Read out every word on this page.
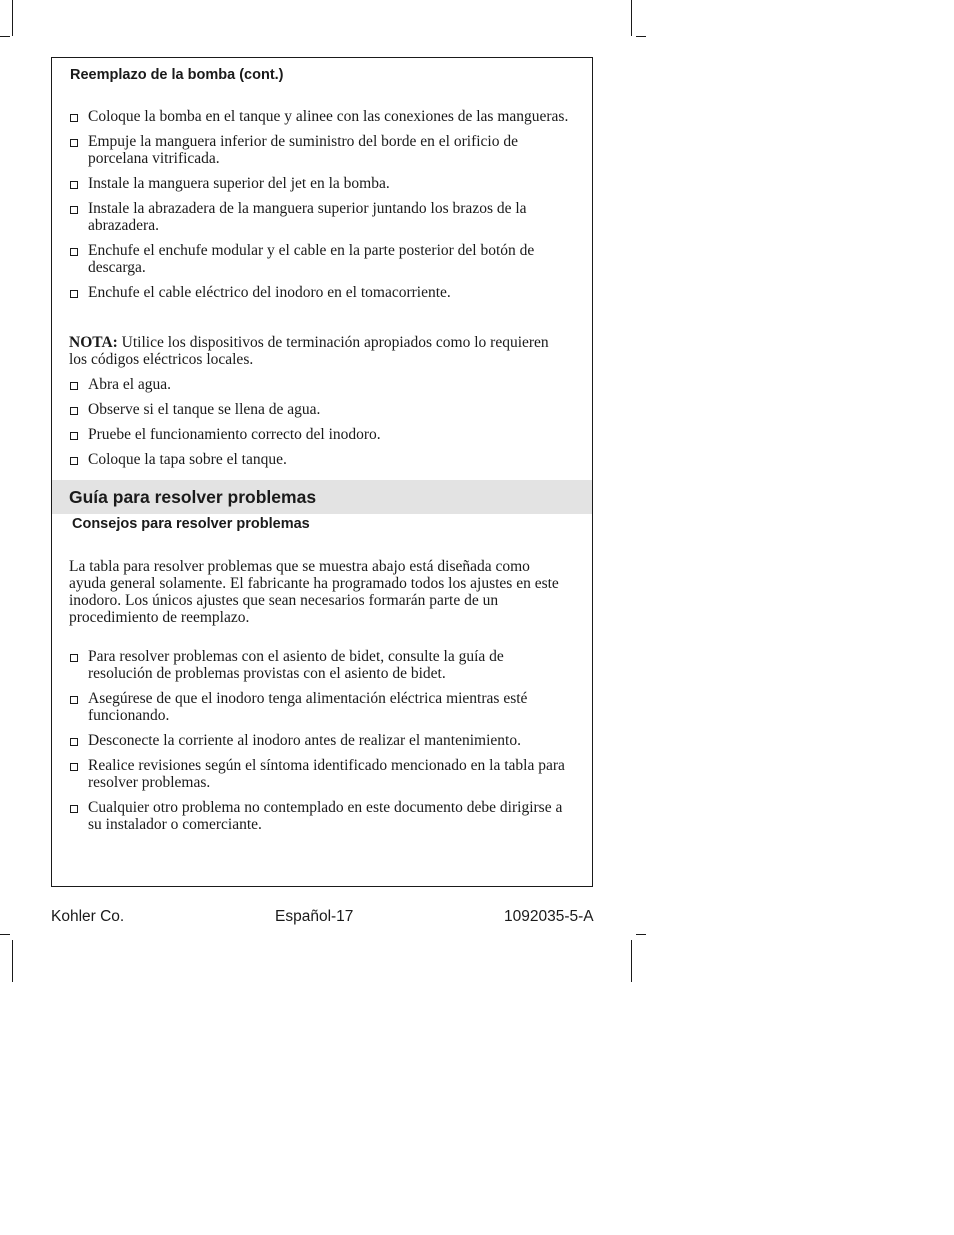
Reemplazo de la bomba (cont.)
Coloque la bomba en el tanque y alinee con las conexiones de las mangueras.
Empuje la manguera inferior de suministro del borde en el orificio de porcelana vitrificada.
Instale la manguera superior del jet en la bomba.
Instale la abrazadera de la manguera superior juntando los brazos de la abrazadera.
Enchufe el enchufe modular y el cable en la parte posterior del botón de descarga.
Enchufe el cable eléctrico del inodoro en el tomacorriente.

NOTA: Utilice los dispositivos de terminación apropiados como lo requieren los códigos eléctricos locales.

Abra el agua.
Observe si el tanque se llena de agua.
Pruebe el funcionamiento correcto del inodoro.
Coloque la tapa sobre el tanque.
Guía para resolver problemas
Consejos para resolver problemas

La tabla para resolver problemas que se muestra abajo está diseñada como ayuda general solamente. El fabricante ha programado todos los ajustes en este inodoro. Los únicos ajustes que sean necesarios formarán parte de un procedimiento de reemplazo.

Para resolver problemas con el asiento de bidet, consulte la guía de resolución de problemas provistas con el asiento de bidet.
Asegúrese de que el inodoro tenga alimentación eléctrica mientras esté funcionando.
Desconecte la corriente al inodoro antes de realizar el mantenimiento.
Realice revisiones según el síntoma identificado mencionado en la tabla para resolver problemas.
Cualquier otro problema no contemplado en este documento debe dirigirse a su instalador o comerciante.
Kohler Co.	Español-17	1092035-5-A
